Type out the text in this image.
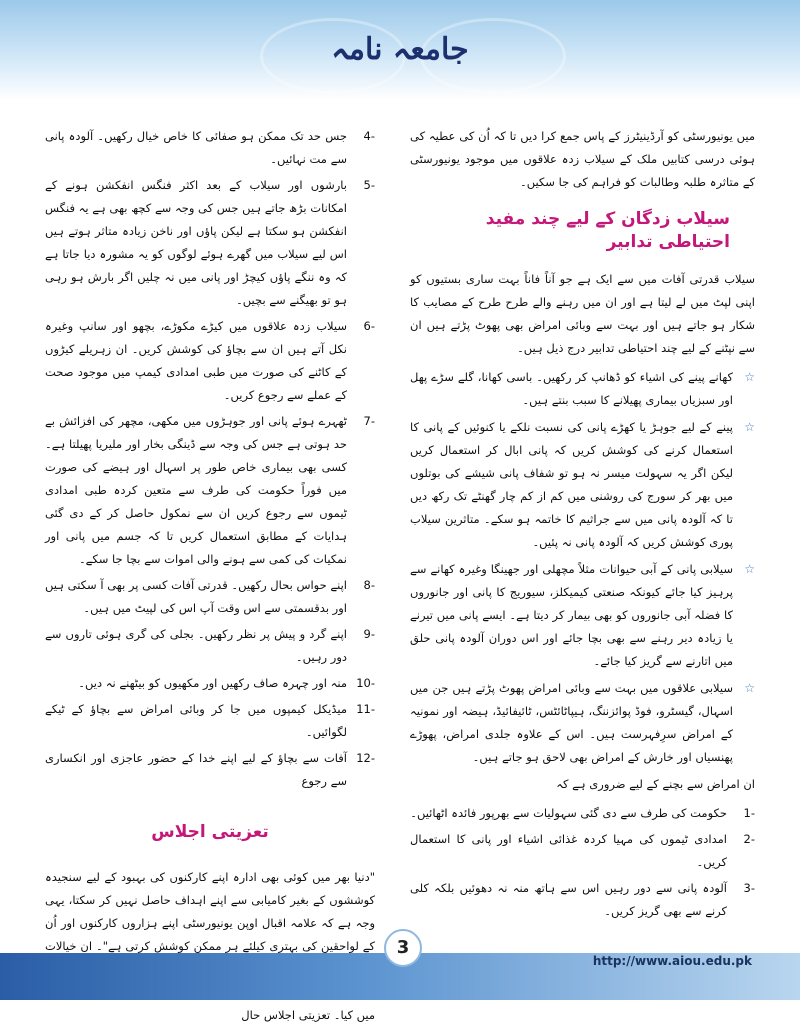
جامعہ نامہ

میں یونیورسٹی کو آرڈینیٹرز کے پاس جمع کرا دیں تا کہ اُن کی عطیہ کی ہوئی درسی کتابیں ملک کے سیلاب زدہ علاقوں میں موجود یونیورسٹی کے متاثرہ طلبہ وطالبات کو فراہم کی جا سکیں۔

سیلاب زدگان کے لیے چند مفید احتیاطی تدابیر

سیلاب قدرتی آفات میں سے ایک ہے جو آناً فاناً بہت ساری بستیوں کو اپنی لپٹ میں لے لیتا ہے اور ان میں رہنے والے طرح طرح کے مصایب کا شکار ہو جاتے ہیں اور بہت سے وبائی امراض بھی پھوٹ پڑتے ہیں ان سے نپٹنے کے لیے چند احتیاطی تدابیر درج ذیل ہیں۔

☆
کھانے پینے کی اشیاء کو ڈھانپ کر رکھیں۔ باسی کھانا، گلے سڑے پھل اور سبزیاں بیماری پھیلانے کا سبب بنتے ہیں۔
☆
پینے کے لیے جوہڑ یا کھڑے پانی کی نسبت نلکے یا کنوئیں کے پانی کا استعمال کرنے کی کوشش کریں کہ پانی ابال کر استعمال کریں لیکن اگر یہ سہولت میسر نہ ہو تو شفاف پانی شیشے کی بوتلوں میں بھر کر سورج کی روشنی میں کم از کم چار گھنٹے تک رکھ دیں تا کہ آلودہ پانی میں سے جراثیم کا خاتمہ ہو سکے۔ متاثرین سیلاب پوری کوشش کریں کہ آلودہ پانی نہ پئیں۔
☆
سیلابی پانی کے آبی حیوانات مثلاً مچھلی اور جھینگا وغیرہ کھانے سے پرہیز کیا جائے کیونکہ صنعتی کیمیکلز، سیوریج کا پانی اور جانوروں کا فضلہ آبی جانوروں کو بھی بیمار کر دیتا ہے۔ ایسے پانی میں تیرنے یا زیادہ دیر رہنے سے بھی بچا جائے اور اس دوران آلودہ پانی حلق میں اتارنے سے گریز کیا جائے۔
☆
سیلابی علاقوں میں بہت سے وبائی امراض پھوٹ پڑتے ہیں جن میں اسہال، گیسٹرو، فوڈ پوائزننگ، ہیپاٹائٹس، ٹائیفائیڈ، ہیضہ اور نمونیہ کے امراض سرِفہرست ہیں۔ اس کے علاوہ جلدی امراض، پھوڑے پھنسیاں اور خارش کے امراض بھی لاحق ہو جاتے ہیں۔

ان امراض سے بچنے کے لیے ضروری ہے کہ

-1
حکومت کی طرف سے دی گئی سہولیات سے بھرپور فائدہ اٹھائیں۔
-2
امدادی ٹیموں کی مہیا کردہ غذائی اشیاء اور پانی کا استعمال کریں۔
-3
آلودہ پانی سے دور رہیں اس سے ہاتھ منہ نہ دھوئیں بلکہ کلی کرنے سے بھی گریز کریں۔
-4
جس حد تک ممکن ہو صفائی کا خاص خیال رکھیں۔ آلودہ پانی سے مت نہائیں۔
-5
بارشوں اور سیلاب کے بعد اکثر فنگس انفکشن ہونے کے امکانات بڑھ جاتے ہیں جس کی وجہ سے کچھ بھی ہے یہ فنگس انفکشن ہو سکتا ہے لیکن پاؤں اور ناخن زیادہ متاثر ہوتے ہیں اس لیے سیلاب میں گھرے ہوئے لوگوں کو یہ مشورہ دیا جاتا ہے کہ وہ ننگے پاؤں کیچڑ اور پانی میں نہ چلیں اگر بارش ہو رہی ہو تو بھیگنے سے بچیں۔
-6
سیلاب زدہ علاقوں میں کیڑے مکوڑے، بچھو اور سانپ وغیرہ نکل آتے ہیں ان سے بچاؤ کی کوشش کریں۔ ان زہریلے کیڑوں کے کاٹنے کی صورت میں طبی امدادی کیمپ میں موجود صحت کے عملے سے رجوع کریں۔
-7
ٹھہرے ہوئے پانی اور جوہڑوں میں مکھی، مچھر کی افزائش بے حد ہوتی ہے جس کی وجہ سے ڈینگی بخار اور ملیریا پھیلتا ہے۔ کسی بھی بیماری خاص طور پر اسہال اور ہیضے کی صورت میں فوراً حکومت کی طرف سے متعین کردہ طبی امدادی ٹیموں سے رجوع کریں ان سے نمکول حاصل کر کے دی گئی ہدایات کے مطابق استعمال کریں تا کہ جسم میں پانی اور نمکیات کی کمی سے ہونے والی اموات سے بچا جا سکے۔
-8
اپنے حواس بحال رکھیں۔ قدرتی آفات کسی پر بھی آ سکتی ہیں اور بدقسمتی سے اس وقت آپ اس کی لپیٹ میں ہیں۔
-9
اپنے گرد و پیش پر نظر رکھیں۔ بجلی کی گری ہوئی تاروں سے دور رہیں۔
-10
منہ اور چہرہ صاف رکھیں اور مکھیوں کو بیٹھنے نہ دیں۔
-11
میڈیکل کیمپوں میں جا کر وبائی امراض سے بچاؤ کے ٹیکے لگوائیں۔
-12
آفات سے بچاؤ کے لیے اپنے خدا کے حضور عاجزی اور انکساری سے رجوع
تعزیتی اجلاس

"دنیا بھر میں کوئی بھی ادارہ اپنے کارکنوں کی بہبود کے لیے سنجیدہ کوششوں کے بغیر کامیابی سے اپنے اہداف حاصل نہیں کر سکتا، یہی وجہ ہے کہ علامہ اقبال اوپن یونیورسٹی اپنے ہزاروں کارکنوں اور اُن کے لواحقین کی بہتری کیلئے ہر ممکن کوشش کرتی ہے"۔ ان خیالات میں کیا۔ تعزیتی اجلاس حال

3
http://www.aiou.edu.pk
